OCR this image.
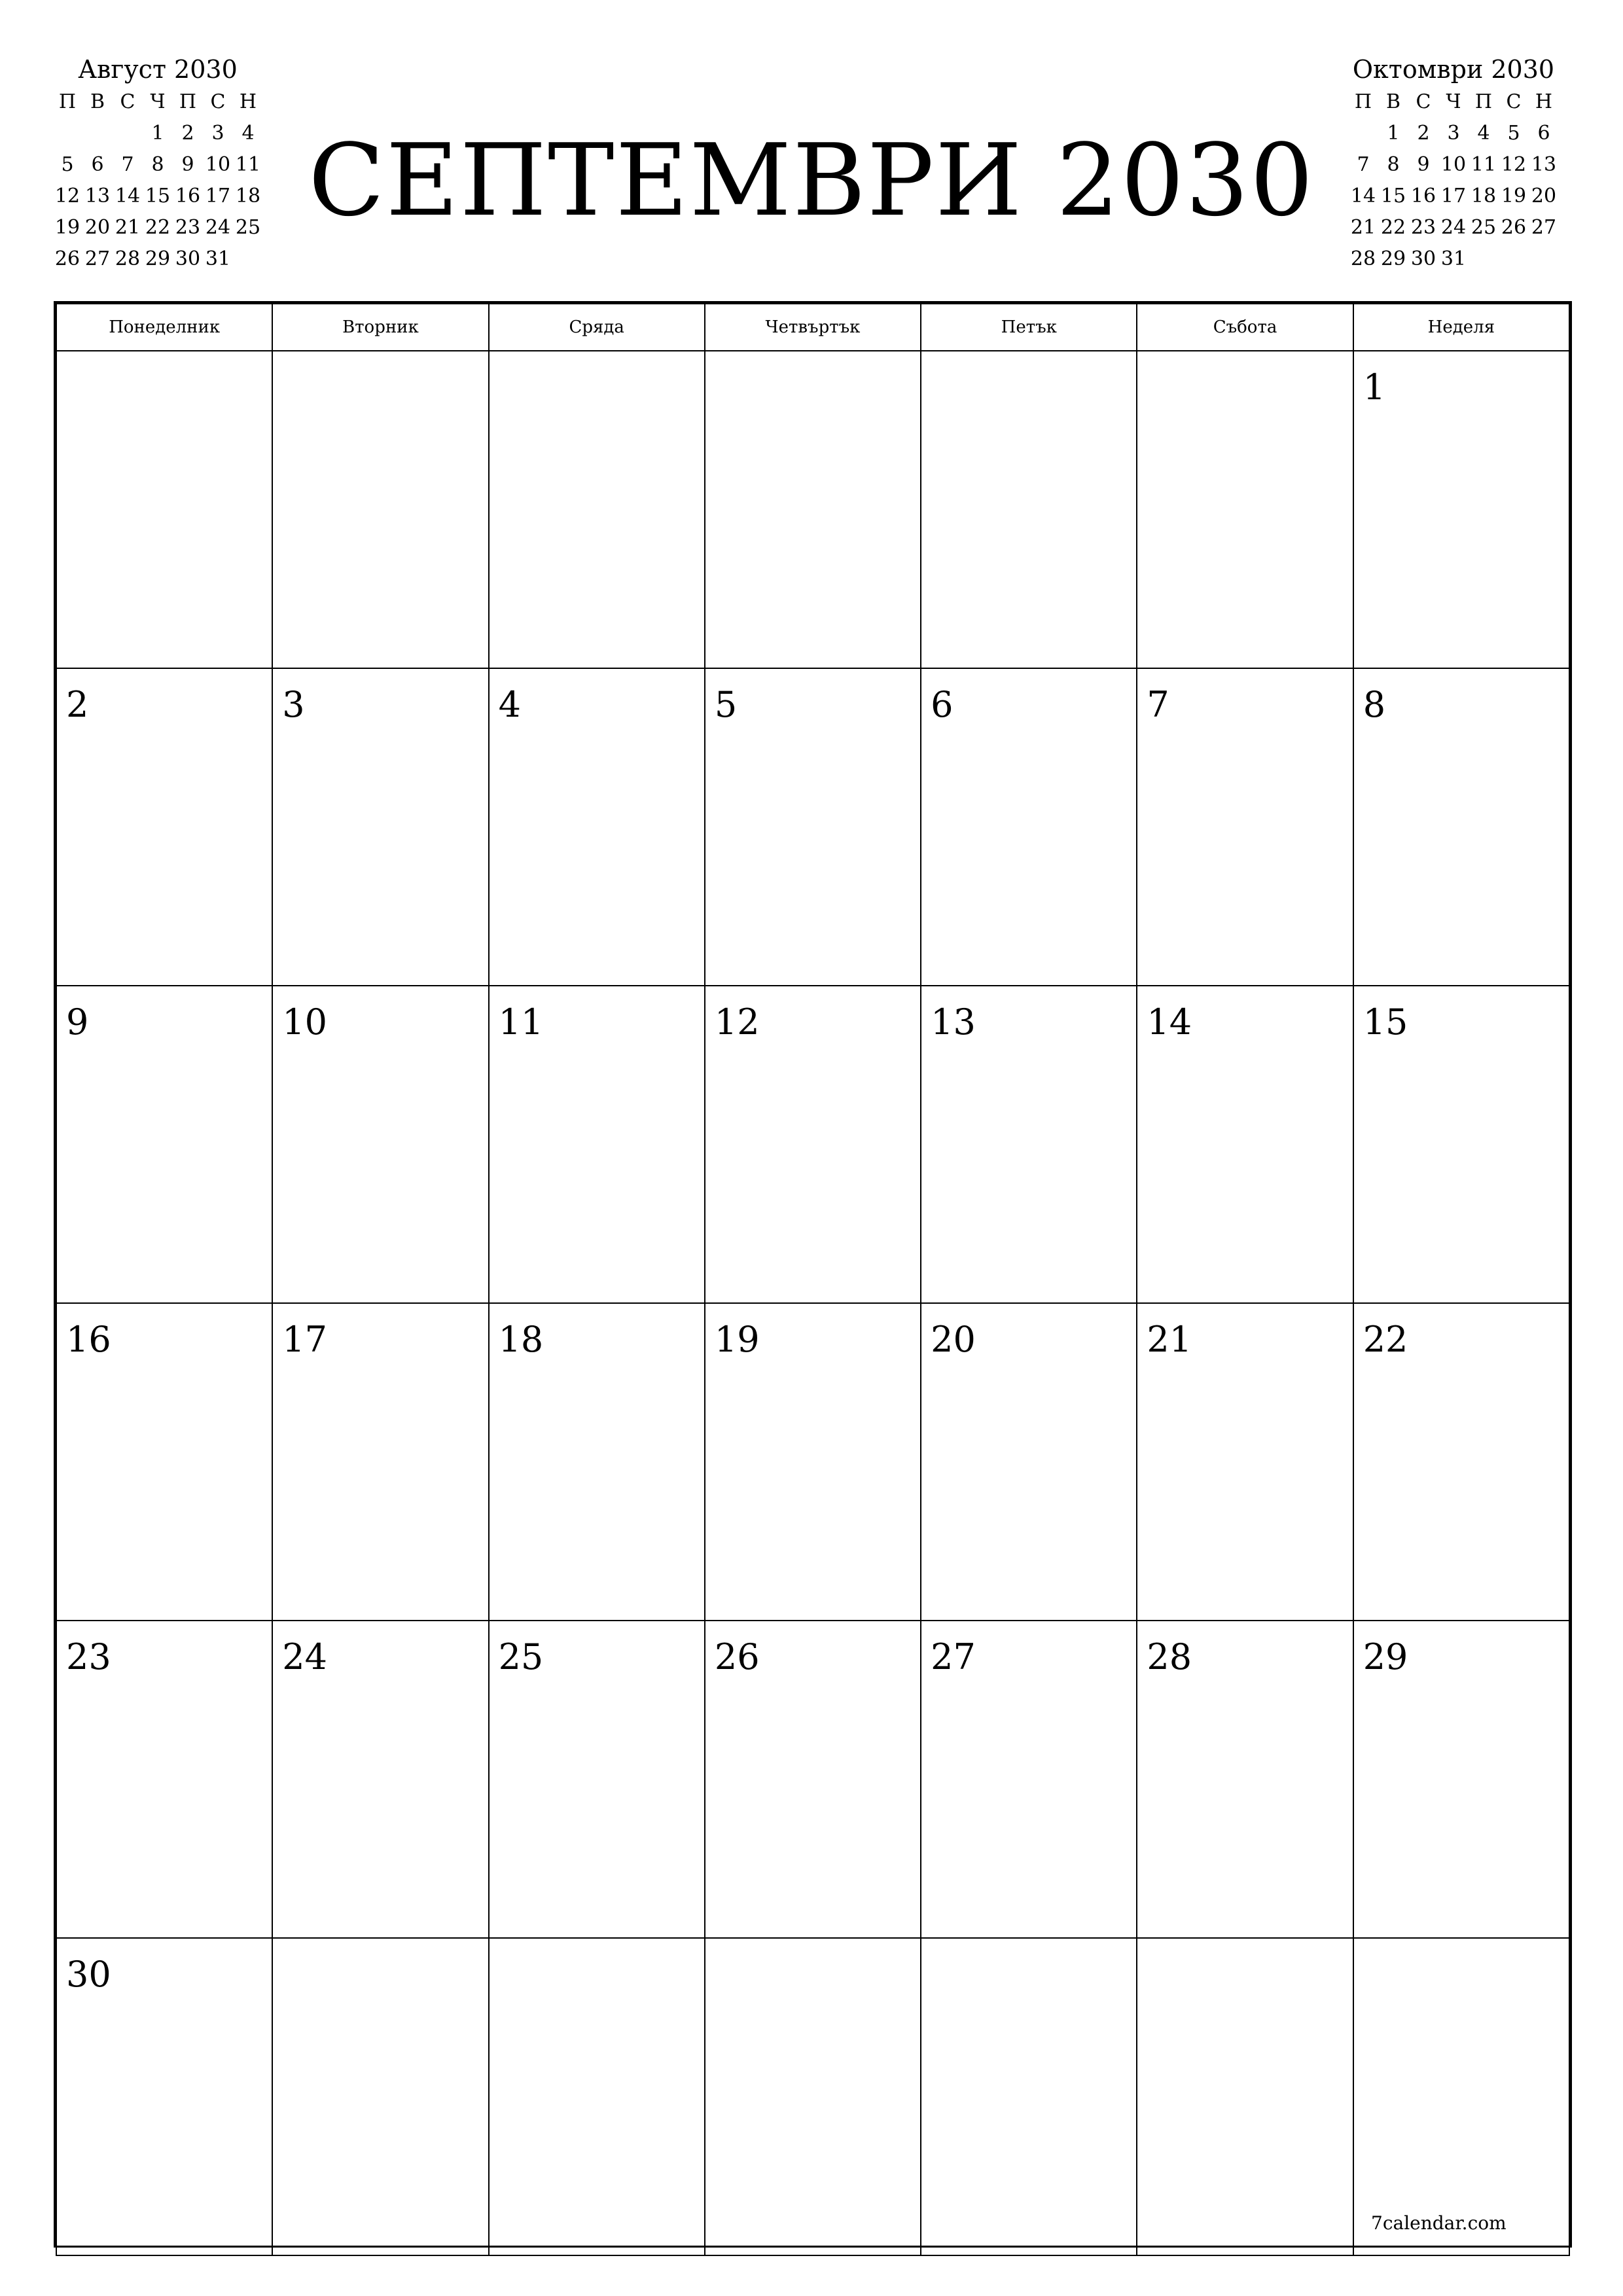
СЕПТЕМВРИ 2030
Август 2030
П	В	С	Ч	П	С	Н
			1	2	3	4
5	6	7	8	9	10	11
12	13	14	15	16	17	18
19	20	21	22	23	24	25
26	27	28	29	30	31	
Октомври 2030
П	В	С	Ч	П	С	Н
	1	2	3	4	5	6
7	8	9	10	11	12	13
14	15	16	17	18	19	20
21	22	23	24	25	26	27
28	29	30	31			
Понеделник	Вторник	Сряда	Четвъртък	Петък	Събота	Неделя

						1

2	3	4	5	6	7	8

9	10	11	12	13	14	15

16	17	18	19	20	21	22

23	24	25	26	27	28	29

30						

7calendar.com
